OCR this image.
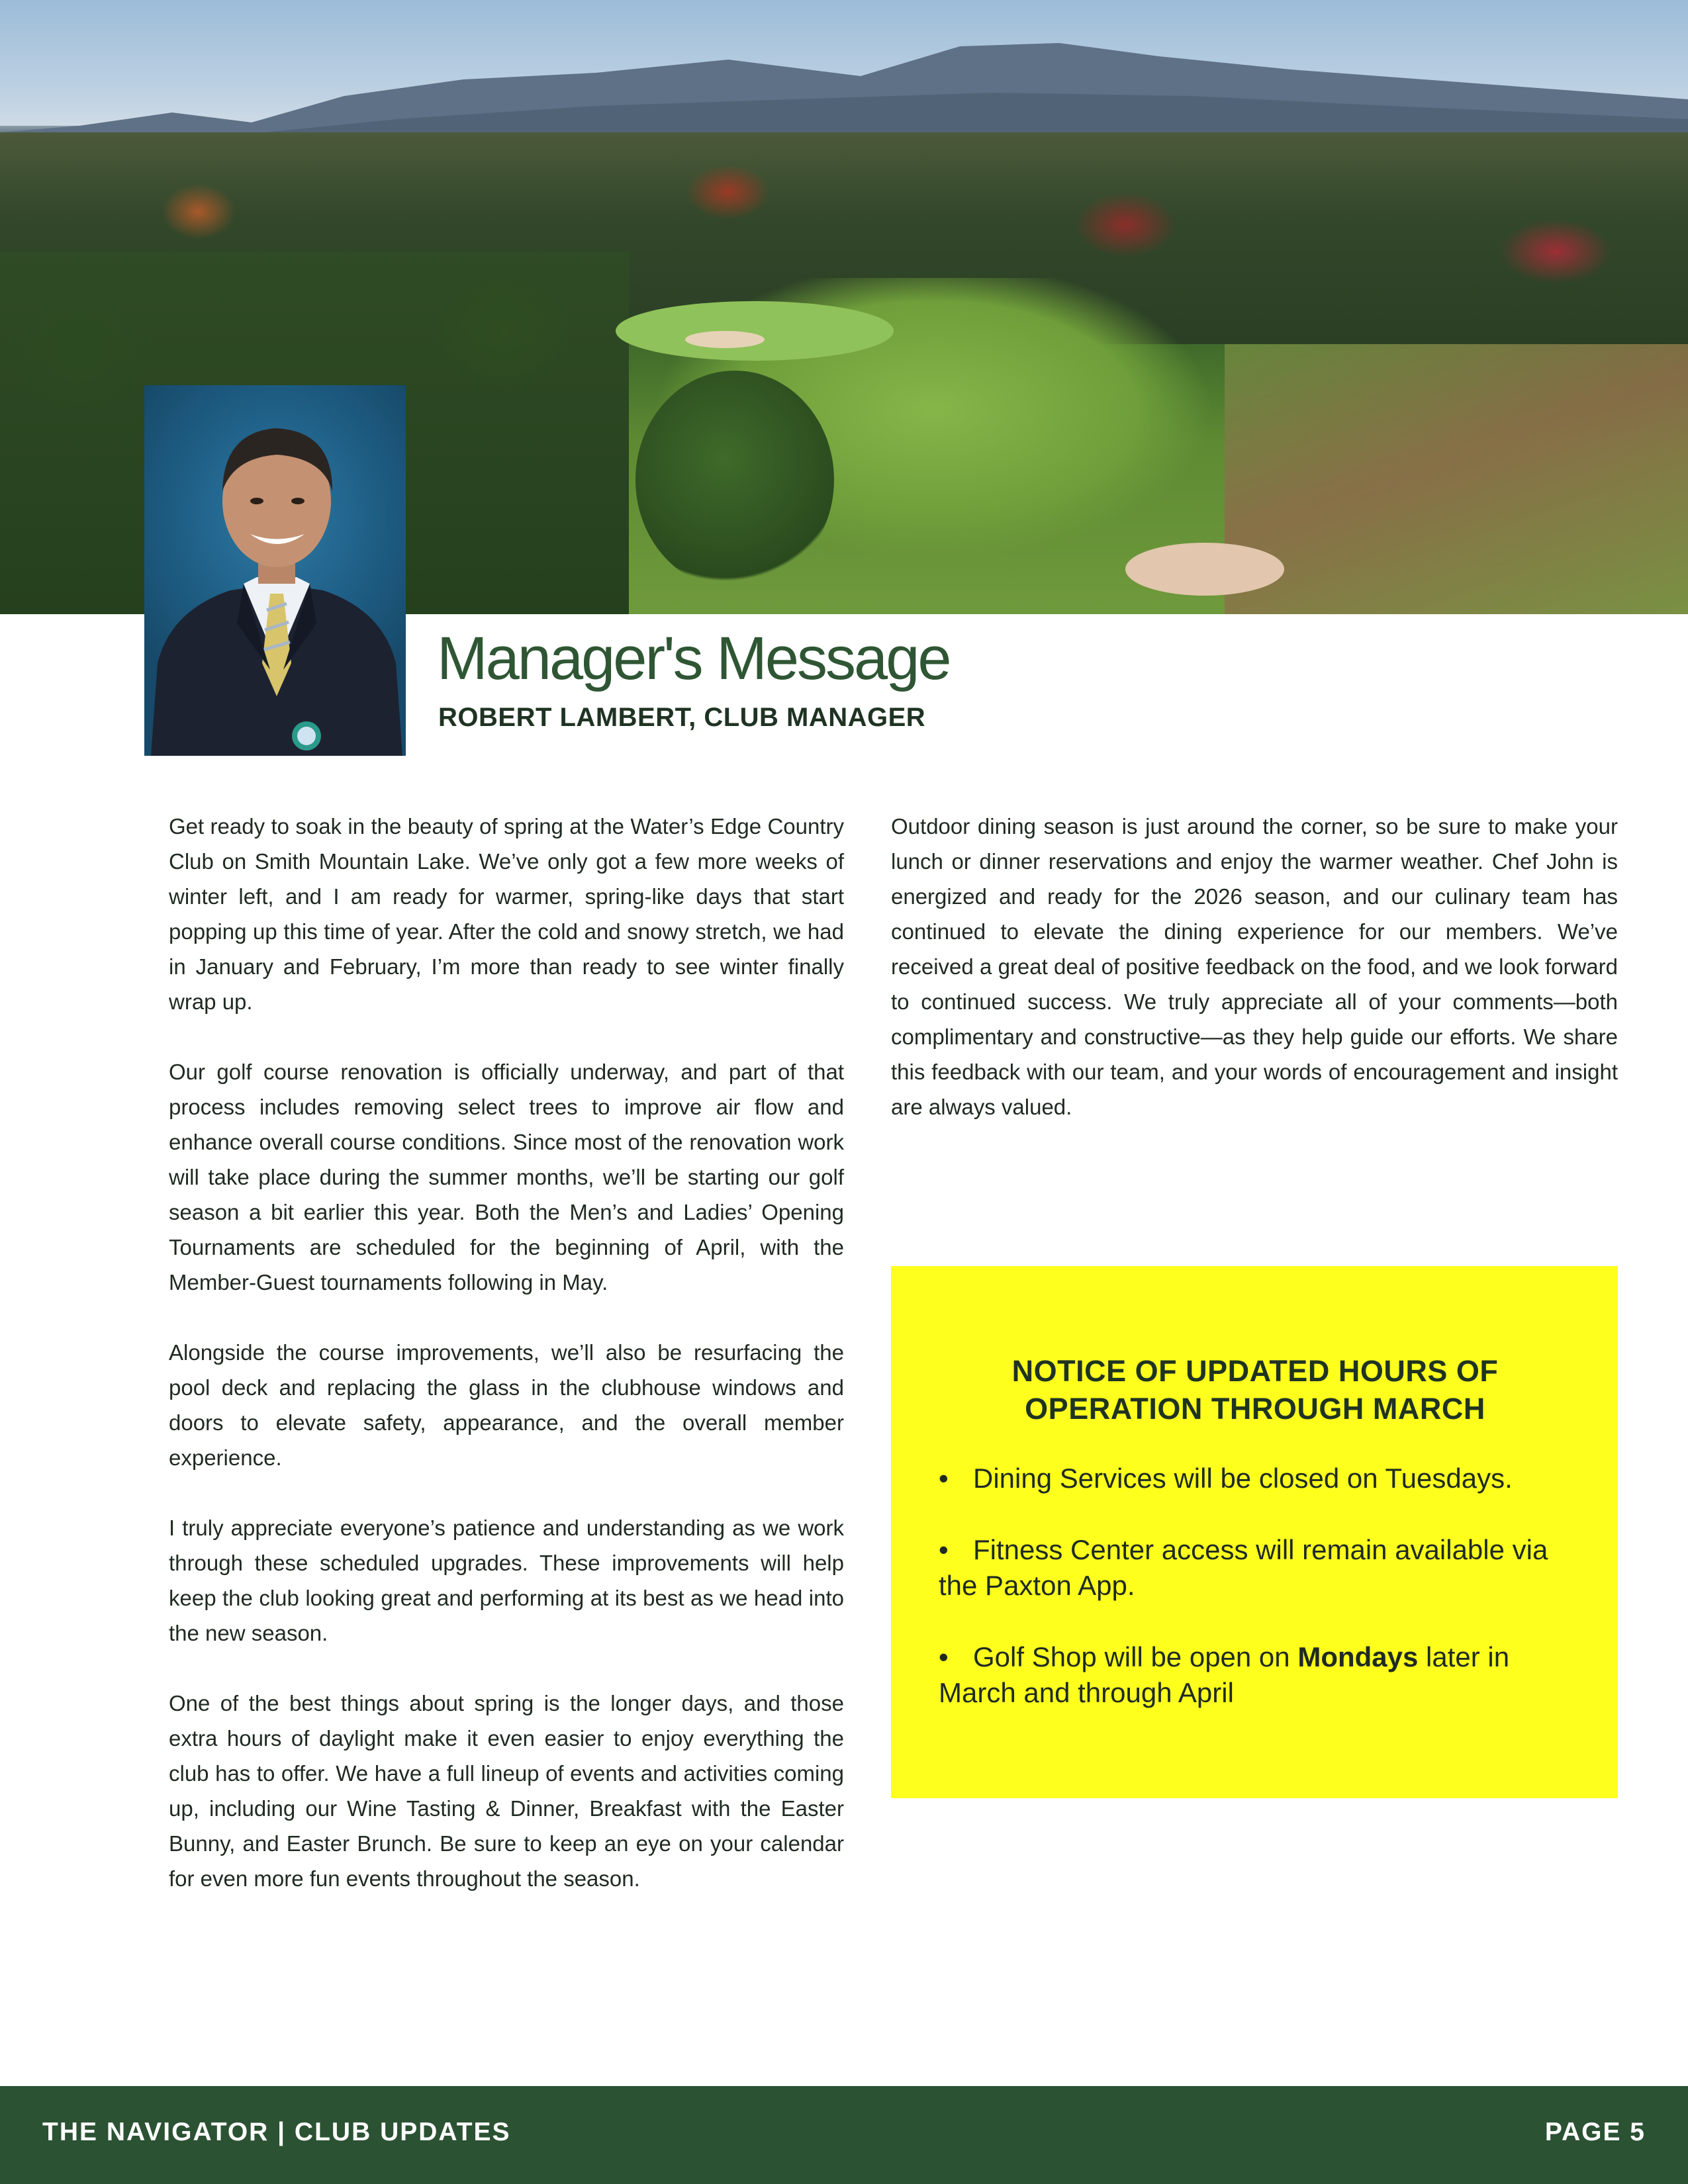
Manager's Message
ROBERT LAMBERT, CLUB MANAGER

Get ready to soak in the beauty of spring at the Water’s Edge Country Club on Smith Mountain Lake. We’ve only got a few more weeks of winter left, and I am ready for warmer, spring-like days that start popping up this time of year. After the cold and snowy stretch, we had in January and February, I’m more than ready to see winter finally wrap up.

Our golf course renovation is officially underway, and part of that process includes removing select trees to improve air flow and enhance overall course conditions. Since most of the renovation work will take place during the summer months, we’ll be starting our golf season a bit earlier this year. Both the Men’s and Ladies’ Opening Tournaments are scheduled for the beginning of April, with the Member-Guest tournaments following in May.

Alongside the course improvements, we’ll also be resurfacing the pool deck and replacing the glass in the clubhouse windows and doors to elevate safety, appearance, and the overall member experience.

I truly appreciate everyone’s patience and understanding as we work through these scheduled upgrades. These improvements will help keep the club looking great and performing at its best as we head into the new season.

One of the best things about spring is the longer days, and those extra hours of daylight make it even easier to enjoy everything the club has to offer. We have a full lineup of events and activities coming up, including our Wine Tasting & Dinner, Breakfast with the Easter Bunny, and Easter Brunch. Be sure to keep an eye on your calendar for even more fun events throughout the season.

Outdoor dining season is just around the corner, so be sure to make your lunch or dinner reservations and enjoy the warmer weather. Chef John is energized and ready for the 2026 season, and our culinary team has continued to elevate the dining experience for our members. We’ve received a great deal of positive feedback on the food, and we look forward to continued success. We truly appreciate all of your comments—both complimentary and constructive—as they help guide our efforts. We share this feedback with our team, and your words of encouragement and insight are always valued.

NOTICE OF UPDATED HOURS OF OPERATION THROUGH MARCH
• Dining Services will be closed on Tuesdays.
• Fitness Center access will remain available via the Paxton App.
• Golf Shop will be open on Mondays later in March and through April
THE NAVIGATOR | CLUB UPDATES	PAGE 5
